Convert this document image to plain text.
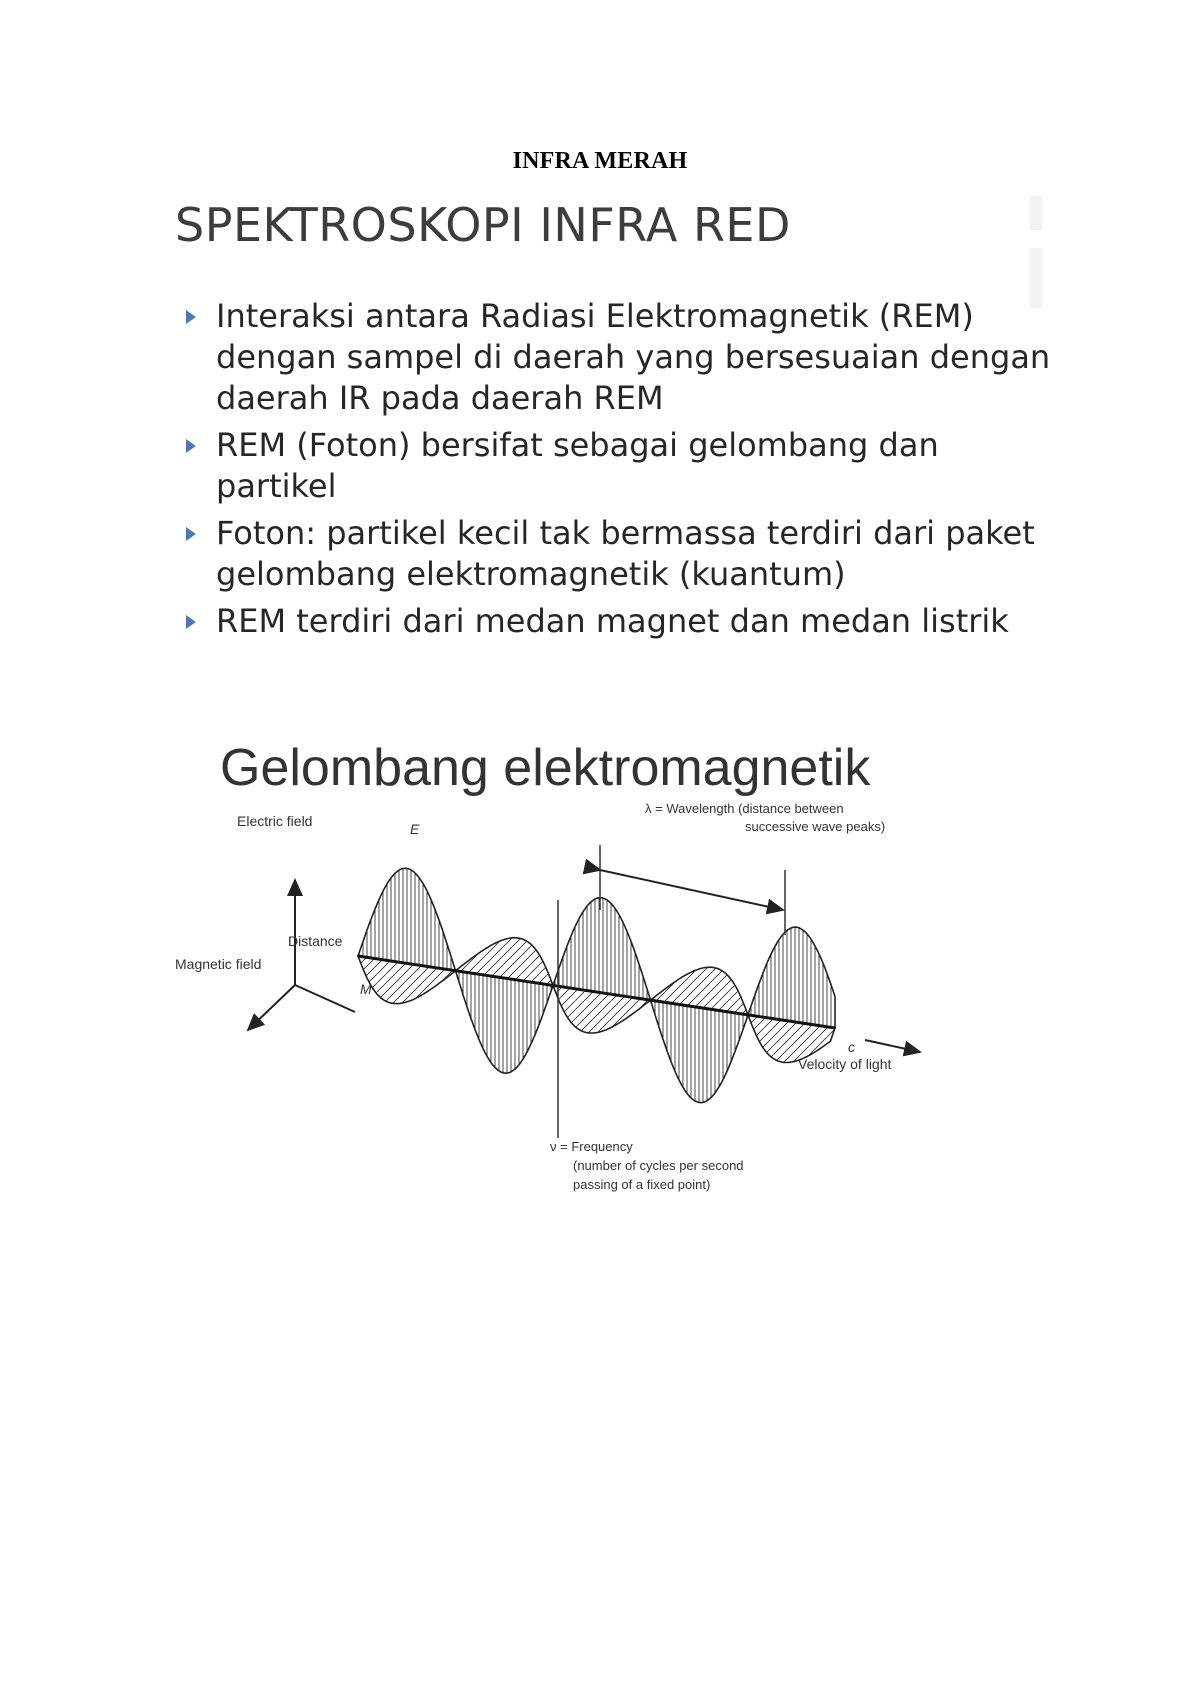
INFRA MERAH
SPEKTROSKOPI INFRA RED
Interaksi antara Radiasi Elektromagnetik (REM) dengan sampel di daerah yang bersesuaian dengan daerah IR pada daerah REM
REM (Foton) bersifat sebagai gelombang dan partikel
Foton: partikel kecil tak bermassa terdiri dari paket gelombang elektromagnetik (kuantum)
REM terdiri dari medan magnet dan medan listrik
Gelombang elektromagnetik
Electric field
Magnetic field
Distance
E
M
λ = Wavelength (distance between
successive wave peaks)
c
Velocity of light
ν = Frequency
(number of cycles per second
passing of a fixed point)
